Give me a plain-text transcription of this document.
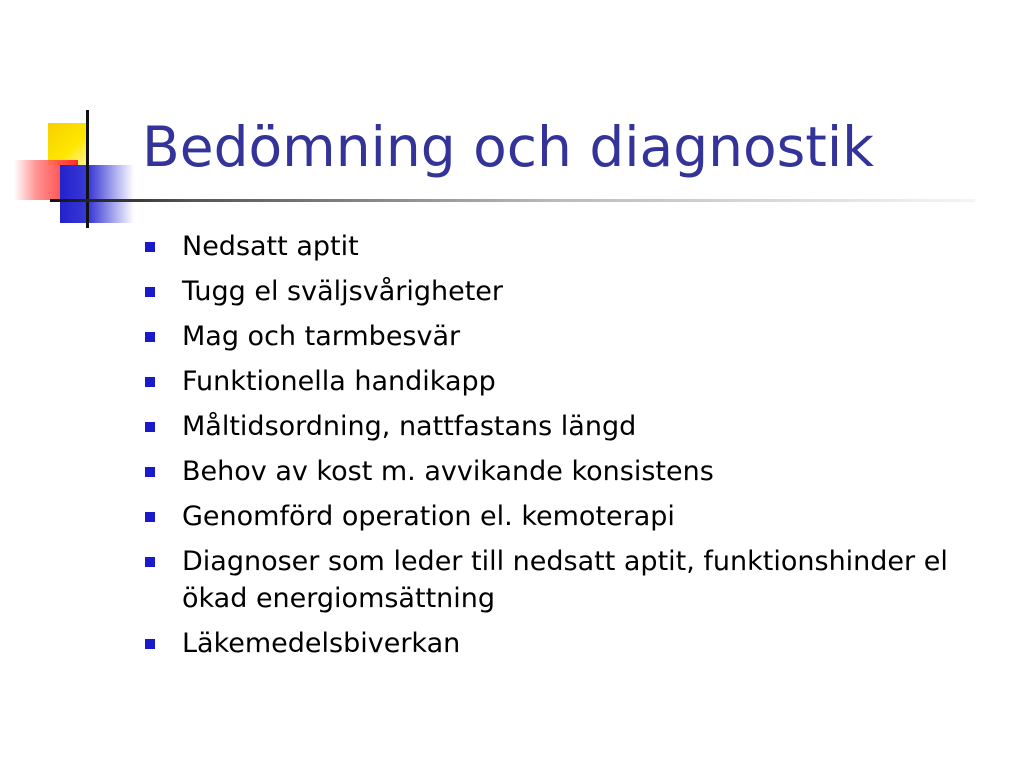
Bedömning och diagnostik
Nedsatt aptit
Tugg el sväljsvårigheter
Mag och tarmbesvär
Funktionella handikapp
Måltidsordning, nattfastans längd
Behov av kost m. avvikande konsistens
Genomförd operation el. kemoterapi
Diagnoser som leder till nedsatt aptit, funktionshinder el ökad energiomsättning
Läkemedelsbiverkan
